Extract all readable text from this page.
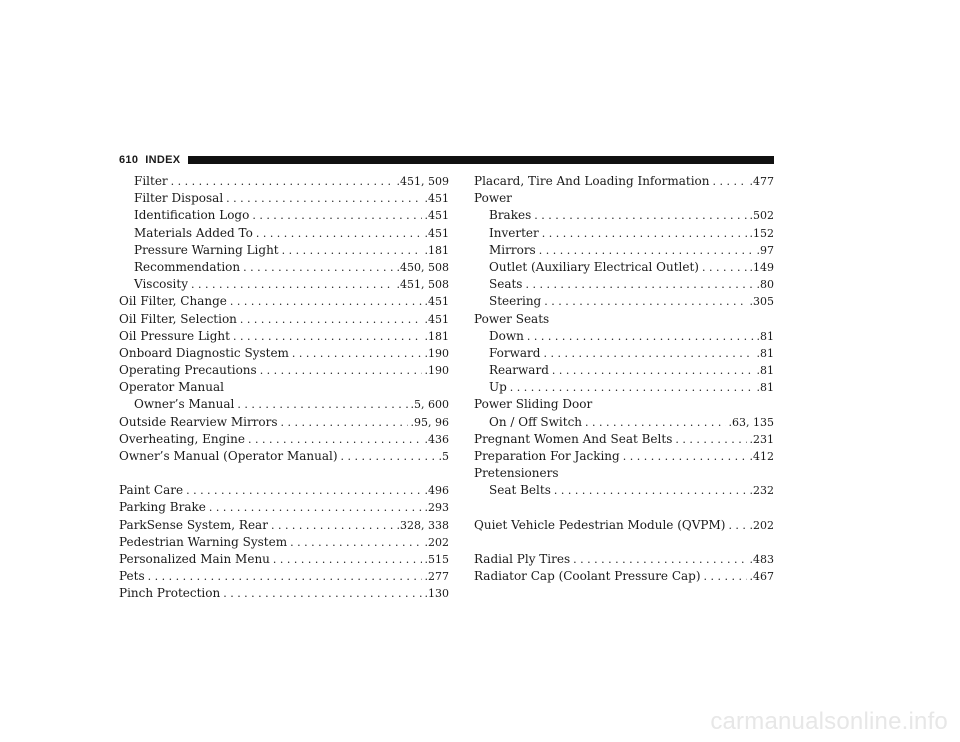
610 INDEX
Filter . . .	.451, 509
Filter Disposal . . .	.451
Identification Logo . . .	.451
Materials Added To . . .	.451
Pressure Warning Light . . .	.181
Recommendation . . .	.450, 508
Viscosity . . .	.451, 508
Oil Filter, Change . . .	.451
Oil Filter, Selection . . .	.451
Oil Pressure Light . . .	.181
Onboard Diagnostic System . . .	.190
Operating Precautions . . .	.190
Operator Manual
Owner’s Manual . . .	.5, 600
Outside Rearview Mirrors . . .	.95, 96
Overheating, Engine . . .	.436
Owner’s Manual (Operator Manual) . . .	.5
Paint Care . . .	.496
Parking Brake . . .	.293
ParkSense System, Rear . . .	.328, 338
Pedestrian Warning System . . .	.202
Personalized Main Menu . . .	.515
Pets . . .	.277
Pinch Protection . . .	.130
Placard, Tire And Loading Information . . .	.477
Power
Brakes . . .	.502
Inverter . . .	.152
Mirrors . . .	.97
Outlet (Auxiliary Electrical Outlet) . . .	.149
Seats . . .	.80
Steering . . .	.305
Power Seats
Down . . .	.81
Forward . . .	.81
Rearward . . .	.81
Up . . .	.81
Power Sliding Door
On / Off Switch . . .	.63, 135
Pregnant Women And Seat Belts . . .	.231
Preparation For Jacking . . .	.412
Pretensioners
Seat Belts . . .	.232
Quiet Vehicle Pedestrian Module (QVPM) . . . .202
Radial Ply Tires . . .	.483
Radiator Cap (Coolant Pressure Cap) . . .	.467
carmanualsonline.info
